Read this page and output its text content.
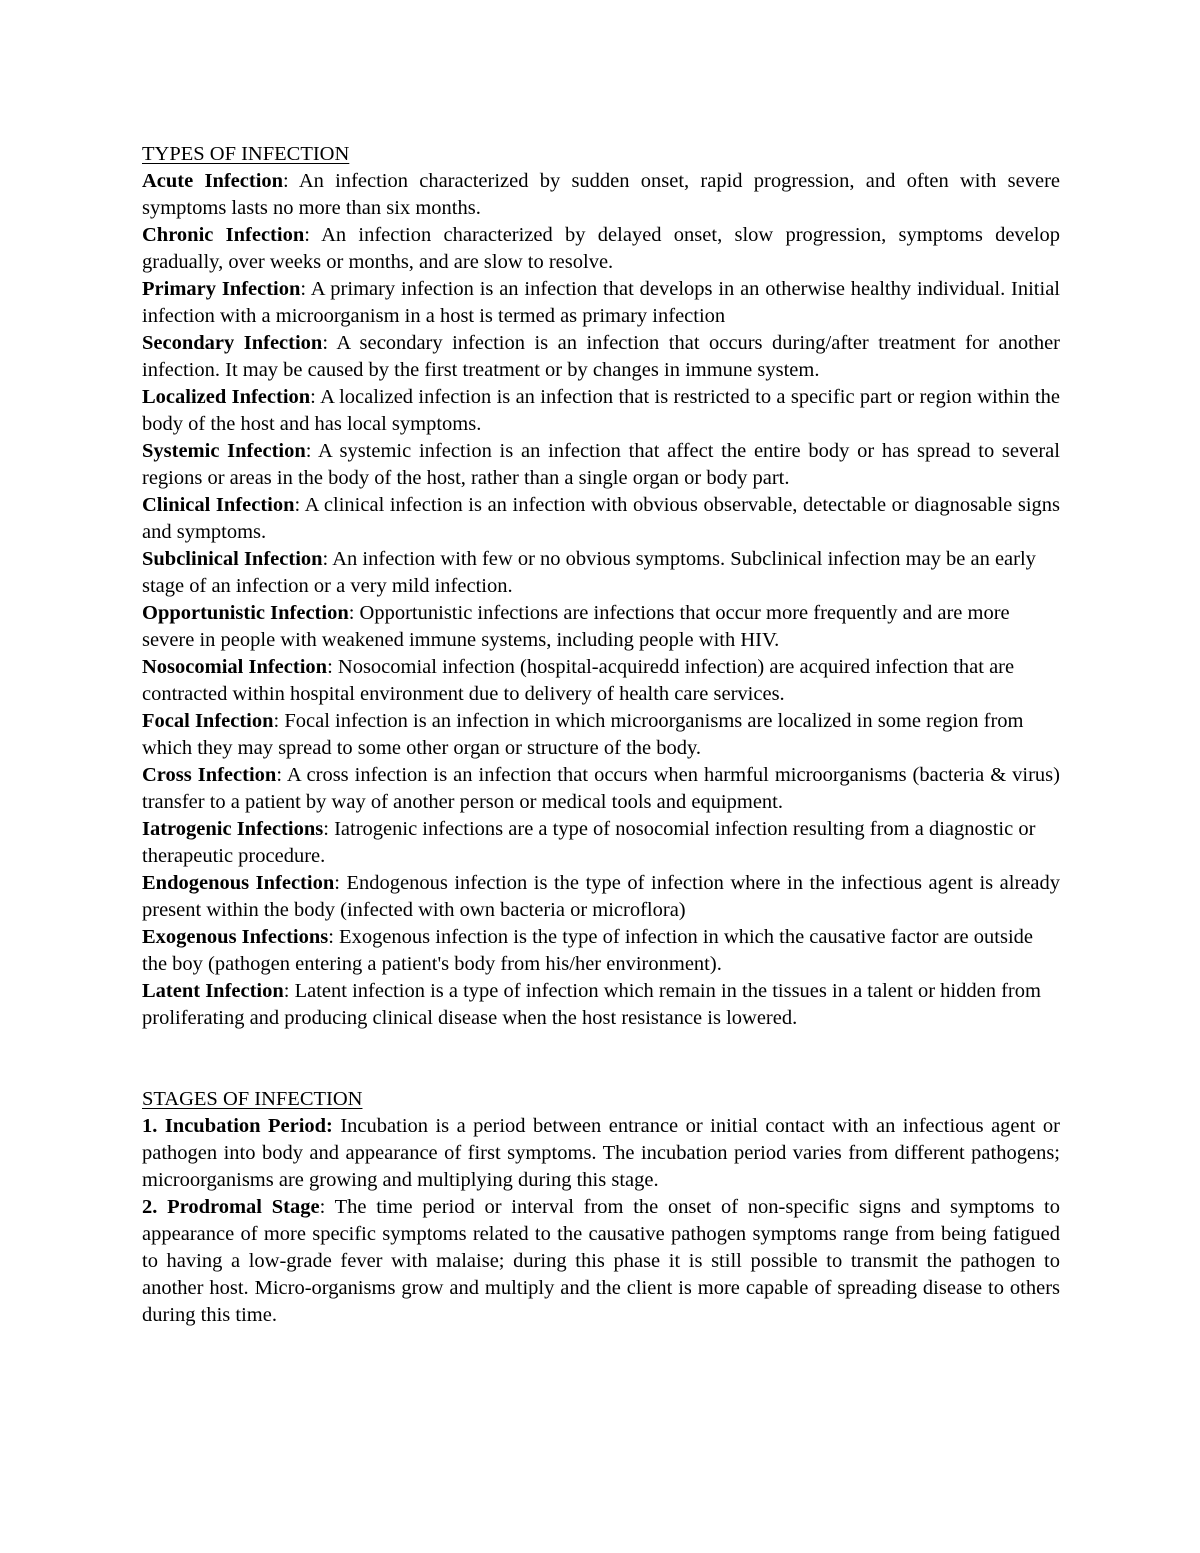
TYPES OF INFECTION

Acute Infection: An infection characterized by sudden onset, rapid progression, and often with severe symptoms lasts no more than six months.

Chronic Infection: An infection characterized by delayed onset, slow progression, symptoms develop gradually, over weeks or months, and are slow to resolve.

Primary Infection: A primary infection is an infection that develops in an otherwise healthy individual. Initial infection with a microorganism in a host is termed as primary infection

Secondary Infection: A secondary infection is an infection that occurs during/after treatment for another infection. It may be caused by the first treatment or by changes in immune system.

Localized Infection: A localized infection is an infection that is restricted to a specific part or region within the body of the host and has local symptoms.

Systemic Infection: A systemic infection is an infection that affect the entire body or has spread to several regions or areas in the body of the host, rather than a single organ or body part.

Clinical Infection: A clinical infection is an infection with obvious observable, detectable or diagnosable signs and symptoms.

Subclinical Infection: An infection with few or no obvious symptoms. Subclinical infection may be an early stage of an infection or a very mild infection.

Opportunistic Infection: Opportunistic infections are infections that occur more frequently and are more severe in people with weakened immune systems, including people with HIV.

Nosocomial Infection: Nosocomial infection (hospital-acquiredd infection) are acquired infection that are contracted within hospital environment due to delivery of health care services.

Focal Infection: Focal infection is an infection in which microorganisms are localized in some region from which they may spread to some other organ or structure of the body.

Cross Infection: A cross infection is an infection that occurs when harmful microorganisms (bacteria & virus) transfer to a patient by way of another person or medical tools and equipment.

Iatrogenic Infections: Iatrogenic infections are a type of nosocomial infection resulting from a diagnostic or therapeutic procedure.

Endogenous Infection: Endogenous infection is the type of infection where in the infectious agent is already present within the body (infected with own bacteria or microflora)

Exogenous Infections: Exogenous infection is the type of infection in which the causative factor are outside the boy (pathogen entering a patient's body from his/her environment).

Latent Infection: Latent infection is a type of infection which remain in the tissues in a talent or hidden from proliferating and producing clinical disease when the host resistance is lowered.

STAGES OF INFECTION

1. Incubation Period: Incubation is a period between entrance or initial contact with an infectious agent or pathogen into body and appearance of first symptoms. The incubation period varies from different pathogens; microorganisms are growing and multiplying during this stage.

2. Prodromal Stage: The time period or interval from the onset of non-specific signs and symptoms to appearance of more specific symptoms related to the causative pathogen symptoms range from being fatigued to having a low-grade fever with malaise; during this phase it is still possible to transmit the pathogen to another host. Micro-organisms grow and multiply and the client is more capable of spreading disease to others during this time.
